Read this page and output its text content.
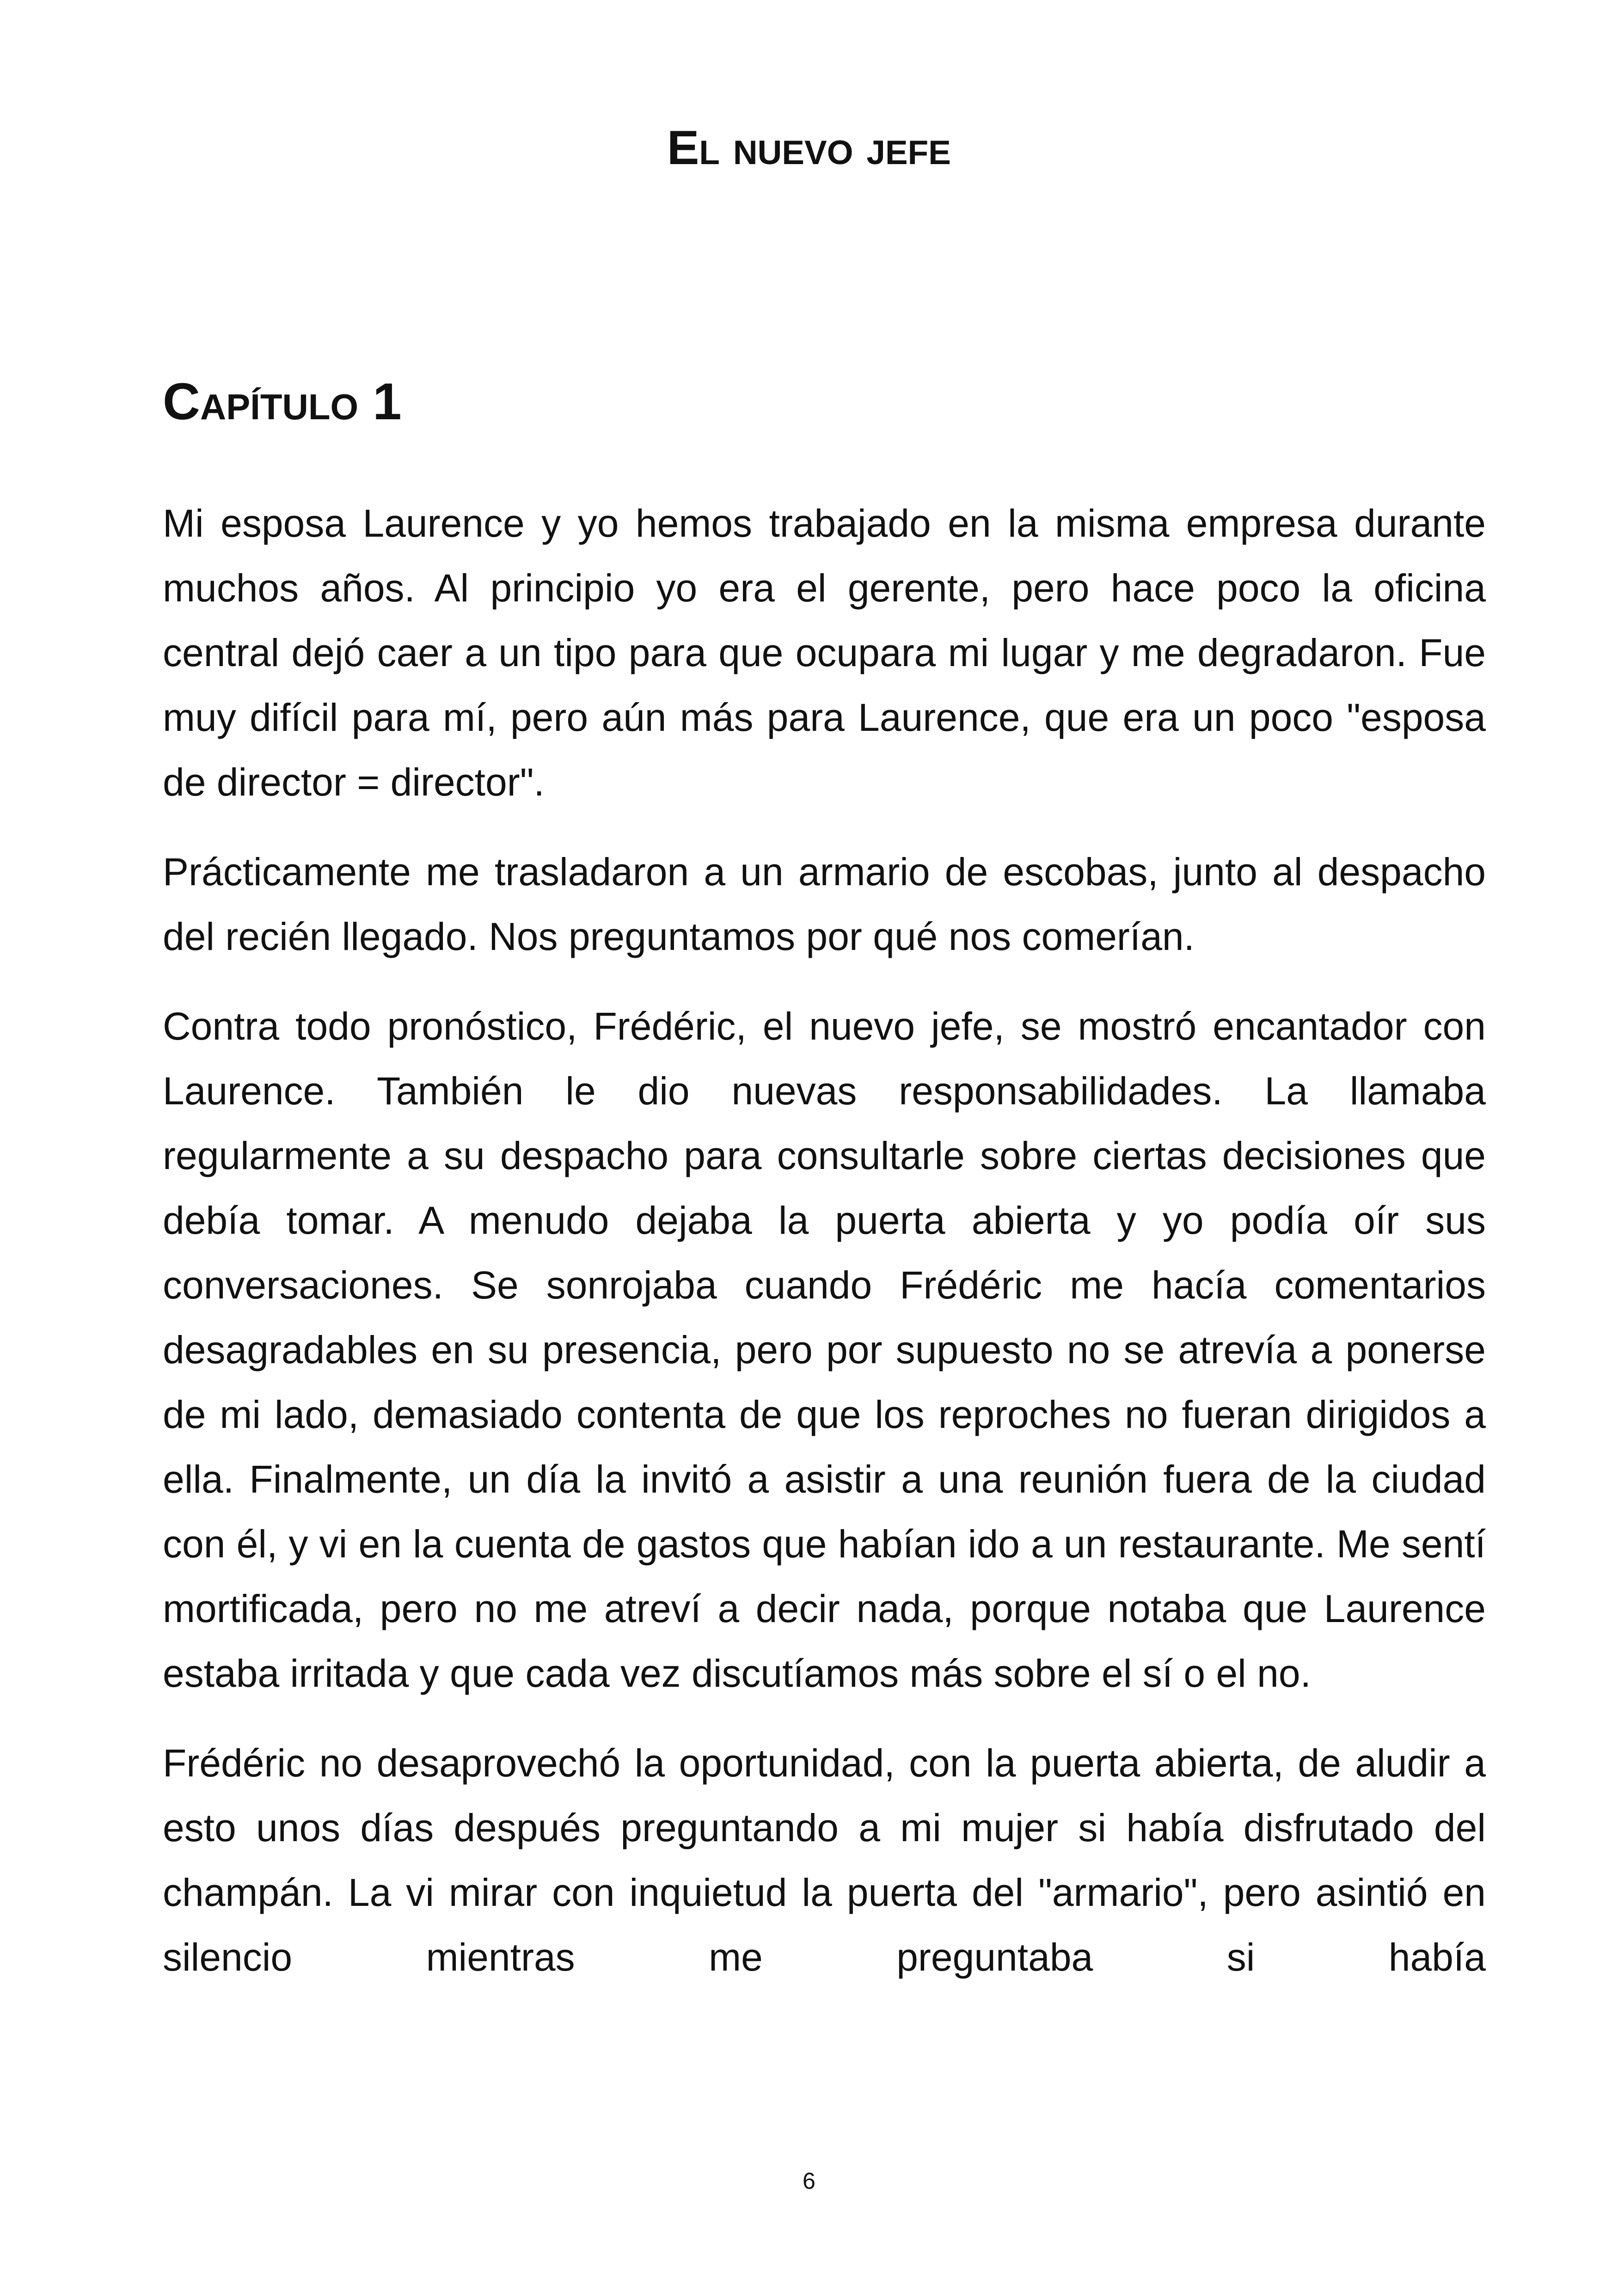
El nuevo jefe
Capítulo 1

Mi esposa Laurence y yo hemos trabajado en la misma empresa durante muchos años. Al principio yo era el gerente, pero hace poco la oficina central dejó caer a un tipo para que ocupara mi lugar y me degradaron. Fue muy difícil para mí, pero aún más para Laurence, que era un poco "esposa de director = director".

Prácticamente me trasladaron a un armario de escobas, junto al despacho del recién llegado. Nos preguntamos por qué nos comerían.

Contra todo pronóstico, Frédéric, el nuevo jefe, se mostró encantador con Laurence. También le dio nuevas responsabilidades. La llamaba regularmente a su despacho para consultarle sobre ciertas decisiones que debía tomar. A menudo dejaba la puerta abierta y yo podía oír sus conversaciones. Se sonrojaba cuando Frédéric me hacía comentarios desagradables en su presencia, pero por supuesto no se atrevía a ponerse de mi lado, demasiado contenta de que los reproches no fueran dirigidos a ella. Finalmente, un día la invitó a asistir a una reunión fuera de la ciudad con él, y vi en la cuenta de gastos que habían ido a un restaurante. Me sentí mortificada, pero no me atreví a decir nada, porque notaba que Laurence estaba irritada y que cada vez discutíamos más sobre el sí o el no.

Frédéric no desaprovechó la oportunidad, con la puerta abierta, de aludir a esto unos días después preguntando a mi mujer si había disfrutado del champán. La vi mirar con inquietud la puerta del "armario", pero asintió en silencio mientras me preguntaba si había

6
